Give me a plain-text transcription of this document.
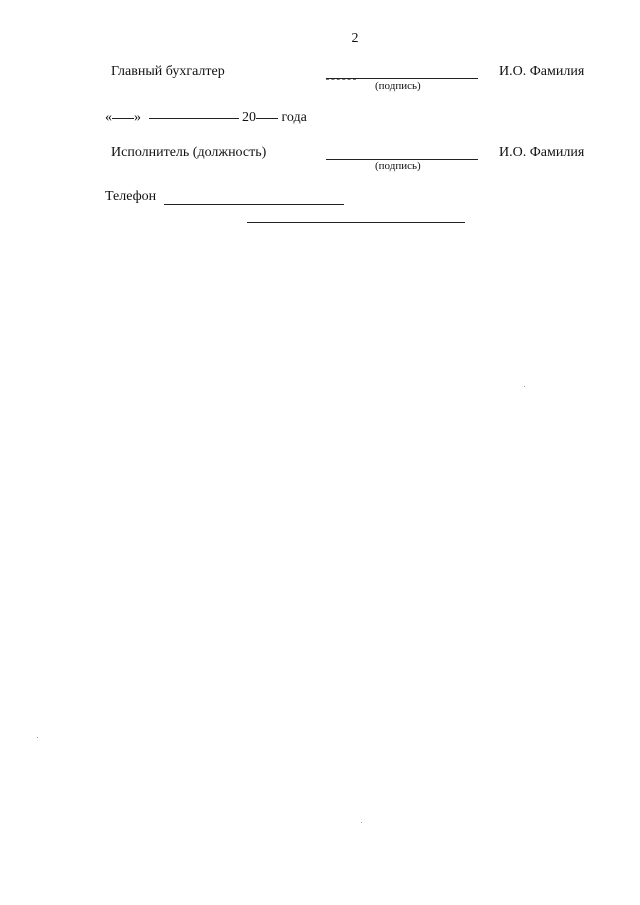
2
Главный бухгалтер
(подпись)
И.О. Фамилия
« »	20 года
Исполнитель (должность)
(подпись)
И.О. Фамилия
Телефон
